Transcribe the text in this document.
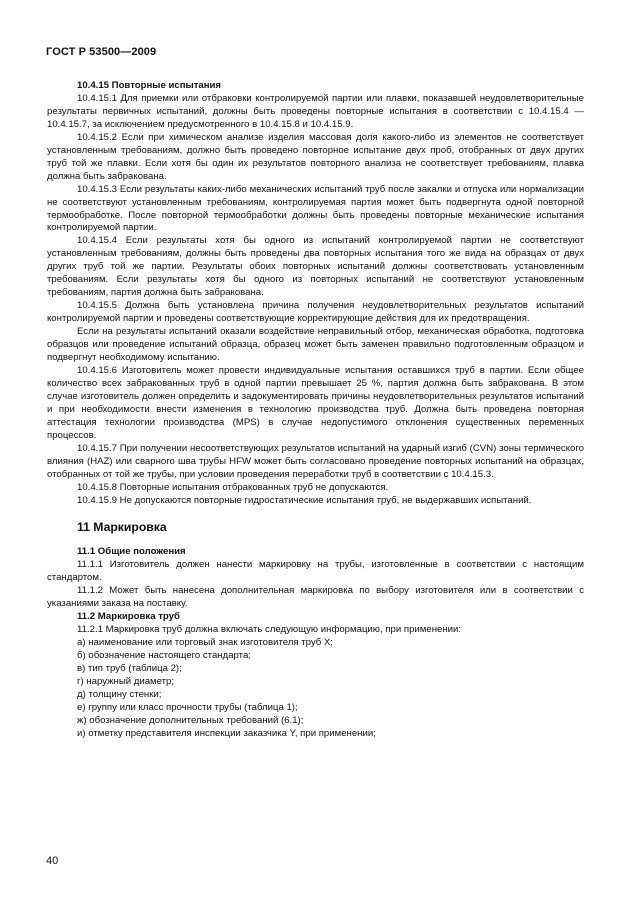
ГОСТ Р 53500—2009

10.4.15 Повторные испытания

10.4.15.1 Для приемки или отбраковки контролируемой партии или плавки, показавшей неудовлетворительные результаты первичных испытаний, должны быть проведены повторные испытания в соответствии с 10.4.15.4 — 10.4.15.7, за исключением предусмотренного в 10.4.15.8 и 10.4.15.9.

10.4.15.2 Если при химическом анализе изделия массовая доля какого-либо из элементов не соответствует установленным требованиям, должно быть проведено повторное испытание двух проб, отобранных от двух других труб той же плавки. Если хотя бы один их результатов повторного анализа не соответствует требованиям, плавка должна быть забракована.

10.4.15.3 Если результаты каких-либо механических испытаний труб после закалки и отпуска или нормализации не соответствуют установленным требованиям, контролируемая партия может быть подвергнута одной повторной термообработке. После повторной термообработки должны быть проведены повторные механические испытания контролируемой партии.

10.4.15.4 Если результаты хотя бы одного из испытаний контролируемой партии не соответствуют установленным требованиям, должны быть проведены два повторных испытания того же вида на образцах от двух других труб той же партии. Результаты обоих повторных испытаний должны соответствовать установленным требованиям. Если результаты хотя бы одного из повторных испытаний не соответствуют установленным требованиям, партия должна быть забракована.

10.4.15.5 Должна быть установлена причина получения неудовлетворительных результатов испытаний контролируемой партии и проведены соответствующие корректирующие действия для их предотвращения.

Если на результаты испытаний оказали воздействие неправильный отбор, механическая обработка, подготовка образцов или проведение испытаний образца, образец может быть заменен правильно подготовленным образцом и подвергнут необходимому испытанию.

10.4.15.6 Изготовитель может провести индивидуальные испытания оставшихся труб в партии. Если общее количество всех забракованных труб в одной партии превышает 25 %, партия должна быть забракована. В этом случае изготовитель должен определить и задокументировать причины неудовлетворительных результатов испытаний и при необходимости внести изменения в технологию производства труб. Должна быть проведена повторная аттестация технологии производства (MPS) в случае недопустимого отклонения существенных переменных процессов.

10.4.15.7 При получении несоответствующих результатов испытаний на ударный изгиб (CVN) зоны термического влияния (HAZ) или сварного шва трубы HFW может быть согласовано проведение повторных испытаний на образцах, отобранных от той же трубы, при условии проведения переработки труб в соответствии с 10.4.15.3.

10.4.15.8 Повторные испытания отбракованных труб не допускаются.

10.4.15.9 Не допускаются повторные гидростатические испытания труб, не выдержавших испытаний.

11 Маркировка

11.1 Общие положения

11.1.1 Изготовитель должен нанести маркировку на трубы, изготовленные в соответствии с настоящим стандартом.

11.1.2 Может быть нанесена дополнительная маркировка по выбору изготовителя или в соответствии с указаниями заказа на поставку.

11.2 Маркировка труб

11.2.1 Маркировка труб должна включать следующую информацию, при применении:

а) наименование или торговый знак изготовителя труб X;

б) обозначение настоящего стандарта;

в) тип труб (таблица 2);

г) наружный диаметр;

д) толщину стенки;

е) группу или класс прочности трубы (таблица 1);

ж) обозначение дополнительных требований (6.1);

и) отметку представителя инспекции заказчика Y, при применении;

40
